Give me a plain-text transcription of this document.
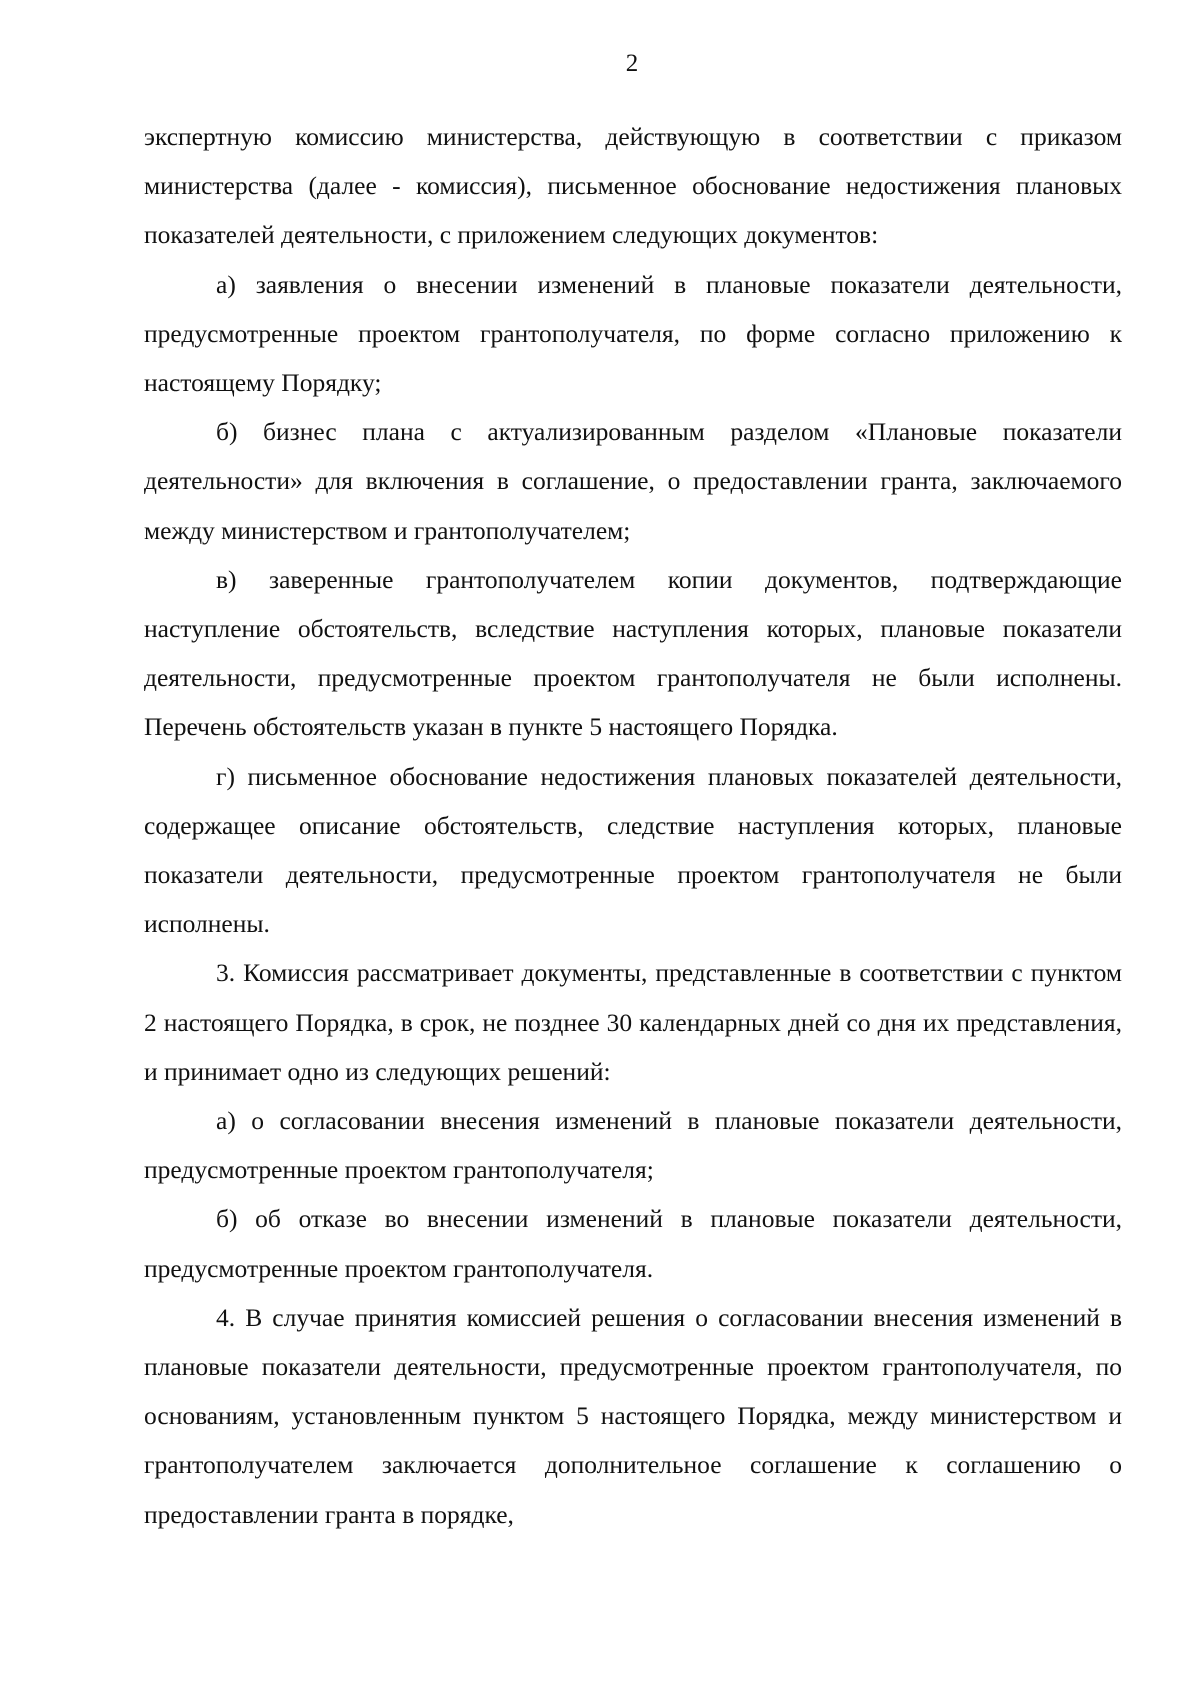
2

экспертную комиссию министерства, действующую в соответствии с приказом министерства (далее - комиссия), письменное обоснование недостижения плановых показателей деятельности, с приложением следующих документов:

а) заявления о внесении изменений в плановые показатели деятельности, предусмотренные проектом грантополучателя, по форме согласно приложению к настоящему Порядку;

б) бизнес плана с актуализированным разделом «Плановые показатели деятельности» для включения в соглашение, о предоставлении гранта, заключаемого между министерством и грантополучателем;

в) заверенные грантополучателем копии документов, подтверждающие наступление обстоятельств, вследствие наступления которых, плановые показатели деятельности, предусмотренные проектом грантополучателя не были исполнены. Перечень обстоятельств указан в пункте 5 настоящего Порядка.

г) письменное обоснование недостижения плановых показателей деятельности, содержащее описание обстоятельств, следствие наступления которых, плановые показатели деятельности, предусмотренные проектом грантополучателя не были исполнены.

3. Комиссия рассматривает документы, представленные в соответствии с пунктом 2 настоящего Порядка, в срок, не позднее 30 календарных дней со дня их представления, и принимает одно из следующих решений:

а) о согласовании внесения изменений в плановые показатели деятельности, предусмотренные проектом грантополучателя;

б) об отказе во внесении изменений в плановые показатели деятельности, предусмотренные проектом грантополучателя.

4. В случае принятия комиссией решения о согласовании внесения изменений в плановые показатели деятельности, предусмотренные проектом грантополучателя, по основаниям, установленным пунктом 5 настоящего Порядка, между министерством и грантополучателем заключается дополнительное соглашение к соглашению о предоставлении гранта в порядке,
